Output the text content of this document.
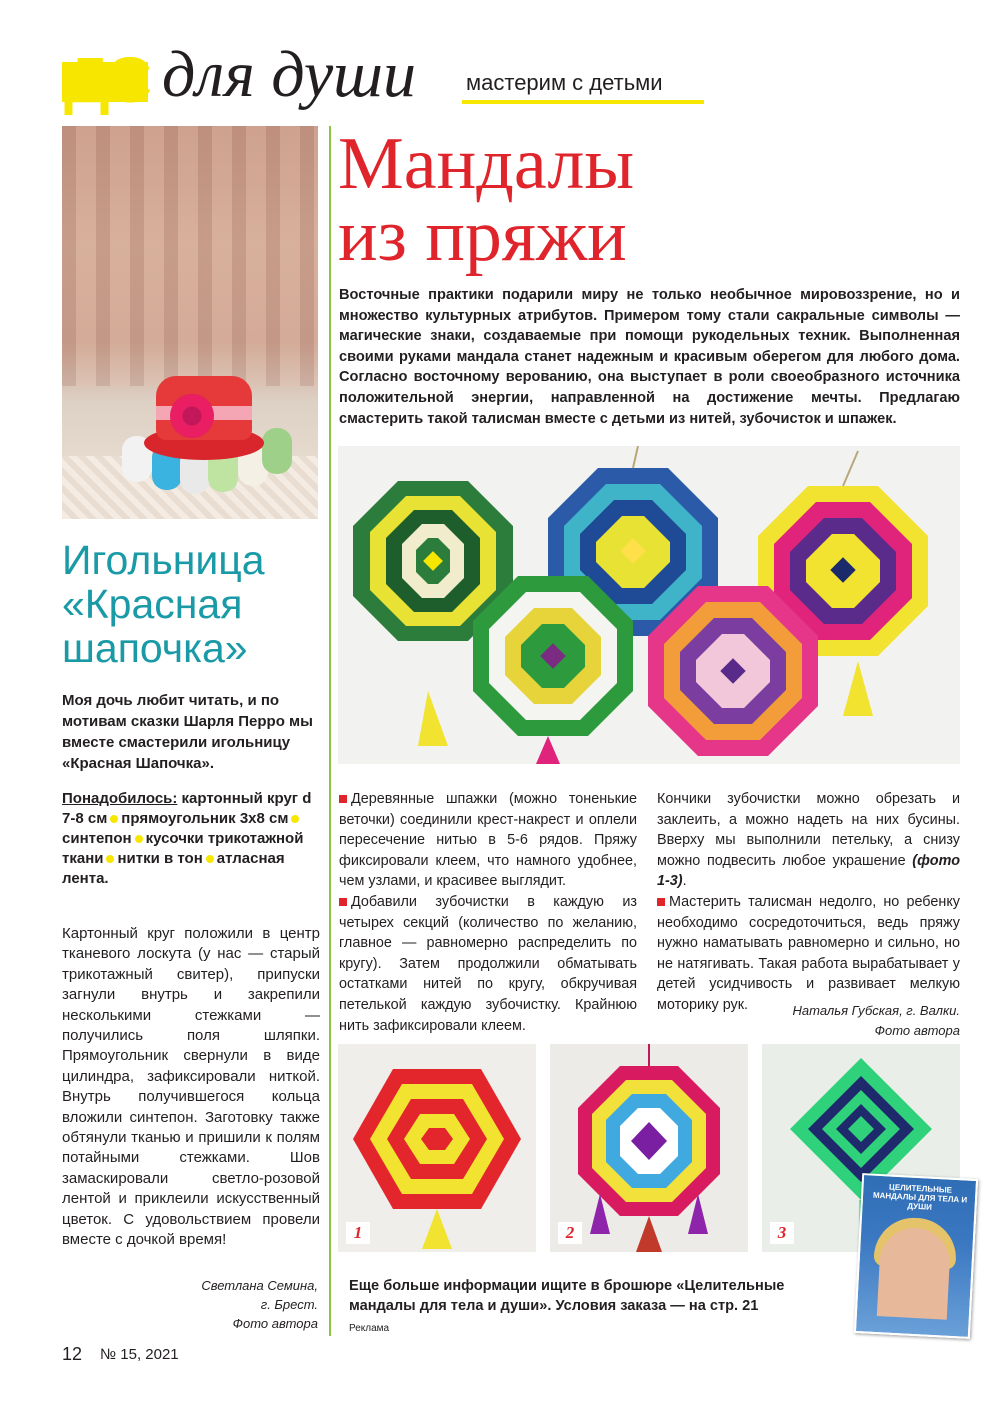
ДС для души мастерим с детьми
Игольница «Красная шапочка»
Моя дочь любит читать, и по мотивам сказки Шарля Перро мы вместе смастерили игольницу «Красная Шапочка».
Понадобилось: картонный круг d 7-8 см прямоугольник 3х8 смсинтепон кусочки трикотажной ткани нитки в тон атласная лента.
Картонный круг положили в центр тканевого лоскута (у нас — старый трикотажный свитер), припуски загнули внутрь и закрепили несколькими стежками — получились поля шляпки. Прямоугольник свернули в виде цилиндра, зафиксировали ниткой. Внутрь получившегося кольца вложили синтепон. Заготовку также обтянули тканью и пришили к полям потайными стежками. Шов замаскировали светло-розовой лентой и приклеили искусственный цветок. С удовольствием провели вместе с дочкой время!
Светлана Семина,
г. Брест.
Фото автора
12 № 15, 2021
Мандалы
из пряжи
Восточные практики подарили миру не только необычное мировоззрение, но и множество культурных атрибутов. Примером тому стали сакральные символы — магические знаки, создаваемые при помощи рукодельных техник. Выполненная своими руками мандала станет надежным и красивым оберегом для любого дома. Согласно восточному верованию, она выступает в роли своеобразного источника положительной энергии, направленной на достижение мечты. Предлагаю смастерить такой талисман вместе с детьми из нитей, зубочисток и шпажек.

Деревянные шпажки (можно тоненькие веточки) соединили крест-накрест и оплели пересечение нитью в 5-6 рядов. Пряжу фиксировали клеем, что намного удобнее, чем узлами, и красивее выглядит.

Добавили зубочистки в каждую из четырех секций (количество по желанию, главное — равномерно распределить по кругу). Затем продолжили обматывать остатками нитей по кругу, обкручивая петелькой каждую зубочистку. Крайнюю нить зафиксировали клеем.

Кончики зубочистки можно обрезать и заклеить, а можно надеть на них бусины. Вверху мы выполнили петельку, а снизу можно подвесить любое украшение (фото 1-3).

Мастерить талисман недолго, но ребенку необходимо сосредоточиться, ведь пряжу нужно наматывать равномерно и сильно, но не натягивать. Такая работа вырабатывает у детей усидчивость и развивает мелкую моторику рук.	Наталья Губская, г. Валки.
Фото автора
1	2	3
ЦЕЛИТЕЛЬНЫЕ МАНДАЛЫ ДЛЯ ТЕЛА И ДУШИ
Еще больше информации ищите в брошюре «Целительные мандалы для тела и души». Условия заказа — на стр. 21
Реклама
